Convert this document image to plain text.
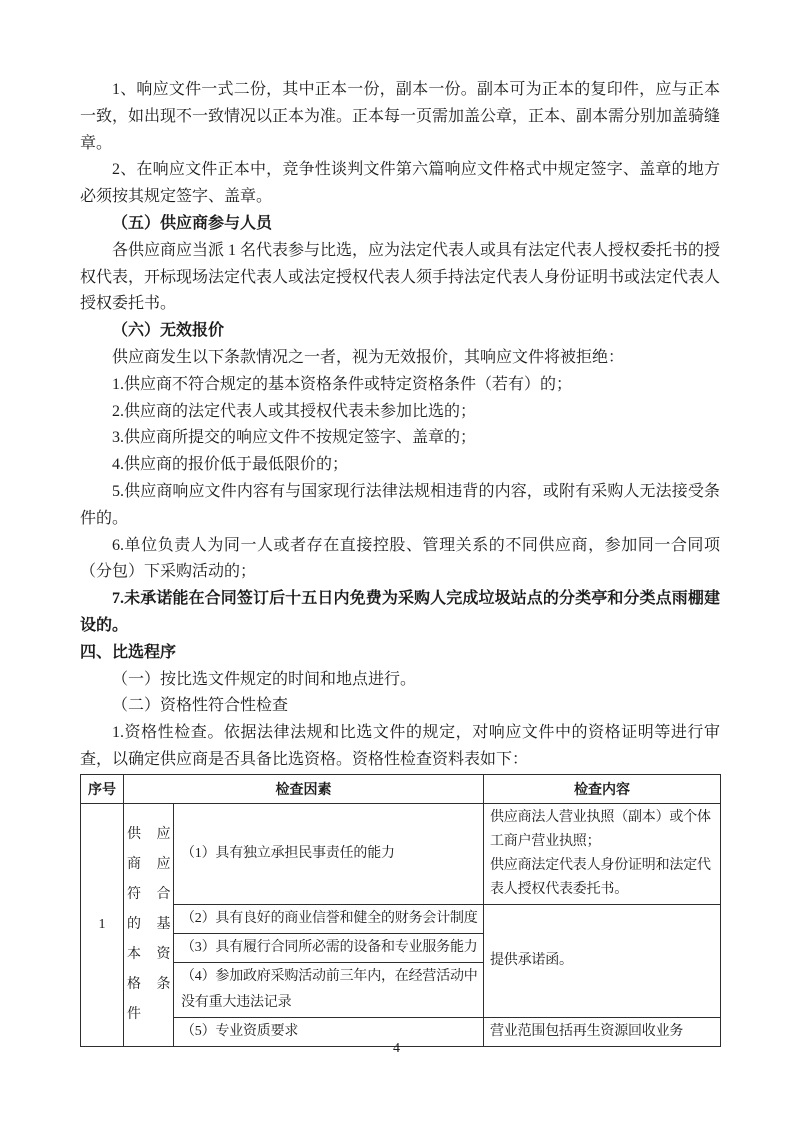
1、响应文件一式二份，其中正本一份，副本一份。副本可为正本的复印件，应与正本一致，如出现不一致情况以正本为准。正本每一页需加盖公章，正本、副本需分别加盖骑缝章。

2、在响应文件正本中，竞争性谈判文件第六篇响应文件格式中规定签字、盖章的地方必须按其规定签字、盖章。

（五）供应商参与人员

各供应商应当派 1 名代表参与比选，应为法定代表人或具有法定代表人授权委托书的授权代表，开标现场法定代表人或法定授权代表人须手持法定代表人身份证明书或法定代表人授权委托书。

（六）无效报价

供应商发生以下条款情况之一者，视为无效报价，其响应文件将被拒绝：

1.供应商不符合规定的基本资格条件或特定资格条件（若有）的；

2.供应商的法定代表人或其授权代表未参加比选的；

3.供应商所提交的响应文件不按规定签字、盖章的；

4.供应商的报价低于最低限价的；

5.供应商响应文件内容有与国家现行法律法规相违背的内容，或附有采购人无法接受条件的。

6.单位负责人为同一人或者存在直接控股、管理关系的不同供应商，参加同一合同项（分包）下采购活动的；

7.未承诺能在合同签订后十五日内免费为采购人完成垃圾站点的分类亭和分类点雨棚建设的。

四、比选程序

（一）按比选文件规定的时间和地点进行。

（二）资格性符合性检查

1.资格性检查。依据法律法规和比选文件的规定，对响应文件中的资格证明等进行审查，以确定供应商是否具备比选资格。资格性检查资料表如下：

序号	检查因素		检查内容
1	供应商应符合的基本资格条件	（1）具有独立承担民事责任的能力	供应商法人营业执照（副本）或个体工商户营业执照；

供应商法定代表人身份证明和法定代表人授权代表委托书。

		（2）具有良好的商业信誉和健全的财务会计制度	提供承诺函。
		（3）具有履行合同所必需的设备和专业服务能力	
		（4）参加政府采购活动前三年内，在经营活动中没有重大违法记录	
		（5）专业资质要求	营业范围包括再生资源回收业务
4
